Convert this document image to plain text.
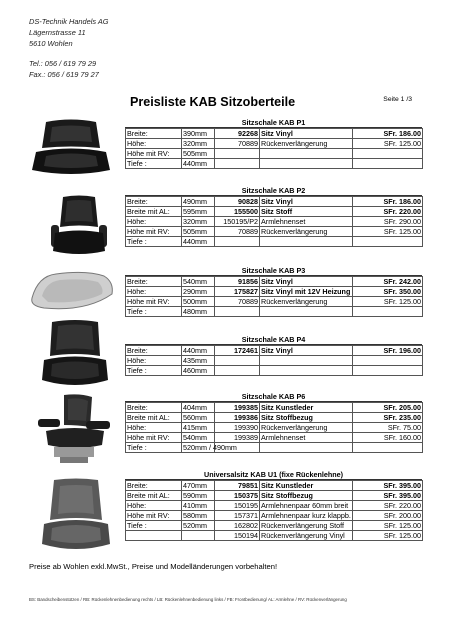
DS-Technik Handels AG
Lägernstrasse 11
5610 Wohlen
Tel.: 056 / 619 79 29
Fax.: 056 / 619 79 27
Preisliste KAB Sitzoberteile	Seite 1 /3
Sitzschale KAB P1
Breite:	390mm	92268	Sitz Vinyl	SFr. 186.00
Höhe:	320mm	70889	Rückenverlängerung	SFr. 125.00
Höhe mit RV:	505mm			
Tiefe :	440mm			
Sitzschale KAB P2
Breite:	490mm	90828	Sitz Vinyl	SFr. 186.00
Breite mit AL:	595mm	155500	Sitz Stoff	SFr. 220.00
Höhe:	320mm	150195/P2	Armlehnenset	SFr. 290.00
Höhe mit RV:	505mm	70889	Rückenverlängerung	SFr. 125.00
Tiefe :	440mm			
Sitzschale KAB P3
Breite:	540mm	91856	Sitz Vinyl	SFr. 242.00
Höhe:	290mm	175827	Sitz Vinyl mit 12V Heizung	SFr. 350.00
Höhe mit RV:	500mm	70889	Rückenverlängerung	SFr. 125.00
Tiefe :	480mm			
Sitzschale KAB P4
Breite:	440mm	172461	Sitz Vinyl	SFr. 196.00
Höhe:	435mm			
Tiefe :	460mm			
Sitzschale KAB P6
Breite:	404mm	199385	Sitz Kunstleder	SFr. 205.00
Breite mit AL:	560mm	199386	Sitz Stoffbezug	SFr. 235.00
Höhe:	415mm	199390	Rückenverlängerung	SFr. 75.00
Höhe mit RV:	540mm	199389	Armlehnenset	SFr. 160.00
Tiefe :	520mm / 490mm			
Universalsitz KAB U1 (fixe Rückenlehne)
Breite:	470mm	79851	Sitz Kunstleder	SFr. 395.00
Breite mit AL:	590mm	150375	Sitz Stoffbezug	SFr. 395.00
Höhe:	410mm	150195	Armlehnenpaar 60mm breit	SFr. 220.00
Höhe mit RV:	580mm	157371	Armlehnenpaar kurz klappb.	SFr. 200.00
Tiefe :	520mm	162802	Rückenverlängerung Stoff	SFr. 125.00
		150194	Rückenverlängerung Vinyl	SFr. 125.00
Preise ab Wohlen exkl.MwSt., Preise und Modelländerungen vorbehalten!
BS: Bandscheibenstützen / RB: Rückenlehnenbedienung rechts / LB: Rückenlehnenbedienung links / FB: Frontbedienung/ AL: Armlehne / RV: Rückenverlängerung
